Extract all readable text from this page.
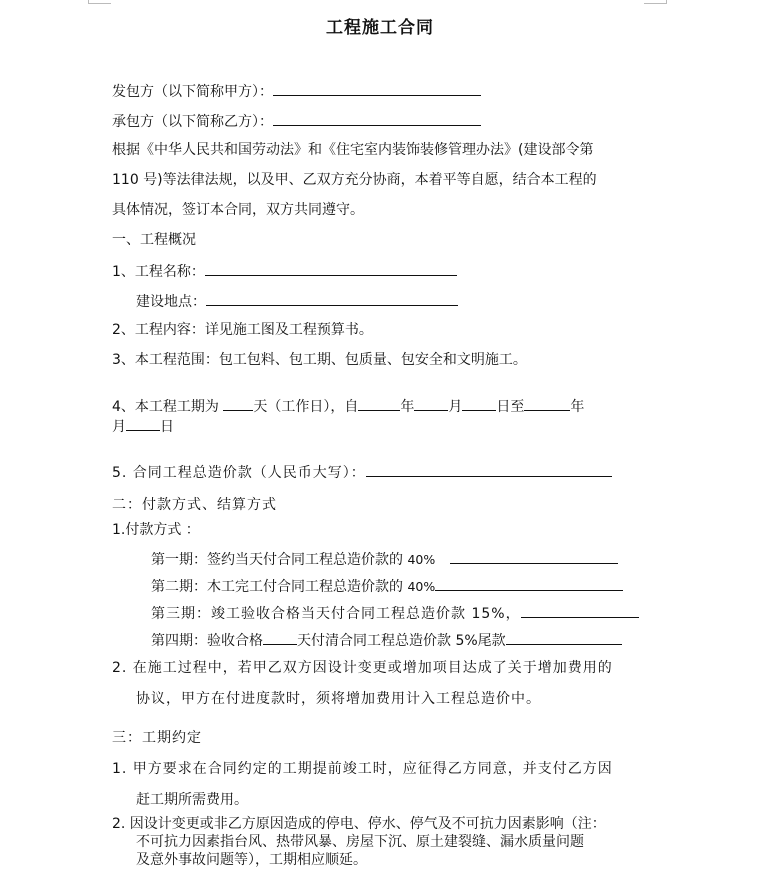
工程施工合同
发包方（以下简称甲方）：
承包方（以下简称乙方）：
根据《中华人民共和国劳动法》和《住宅室内装饰装修管理办法》(建设部令第
110 号)等法律法规，以及甲、乙双方充分协商，本着平等自愿，结合本工程的
具体情况，签订本合同，双方共同遵守。
一、工程概况
1、工程名称：
建设地点：
2、工程内容：详见施工图及工程预算书。
3、本工程范围：包工包料、包工期、包质量、包安全和文明施工。
4、本工程工期为 天（工作日），自	年 月 日至	年
月 日
5. 合同工程总造价款（人民币大写）：
二：付款方式、结算方式
1.付款方式 ：
第一期：签约当天付合同工程总造价款的 40%
第二期：木工完工付合同工程总造价款的 40%
第三期：竣工验收合格当天付合同工程总造价款 15%，
第四期：验收合格 天付清合同工程总造价款 5%尾款
2. 在施工过程中，若甲乙双方因设计变更或增加项目达成了关于增加费用的
协议，甲方在付进度款时，须将增加费用计入工程总造价中。
三：工期约定
1. 甲方要求在合同约定的工期提前竣工时，应征得乙方同意，并支付乙方因
赶工期所需费用。
2. 因设计变更或非乙方原因造成的停电、停水、停气及不可抗力因素影响（注：
不可抗力因素指台风、热带风暴、房屋下沉、原土建裂缝、漏水质量问题
及意外事故问题等），工期相应顺延。
